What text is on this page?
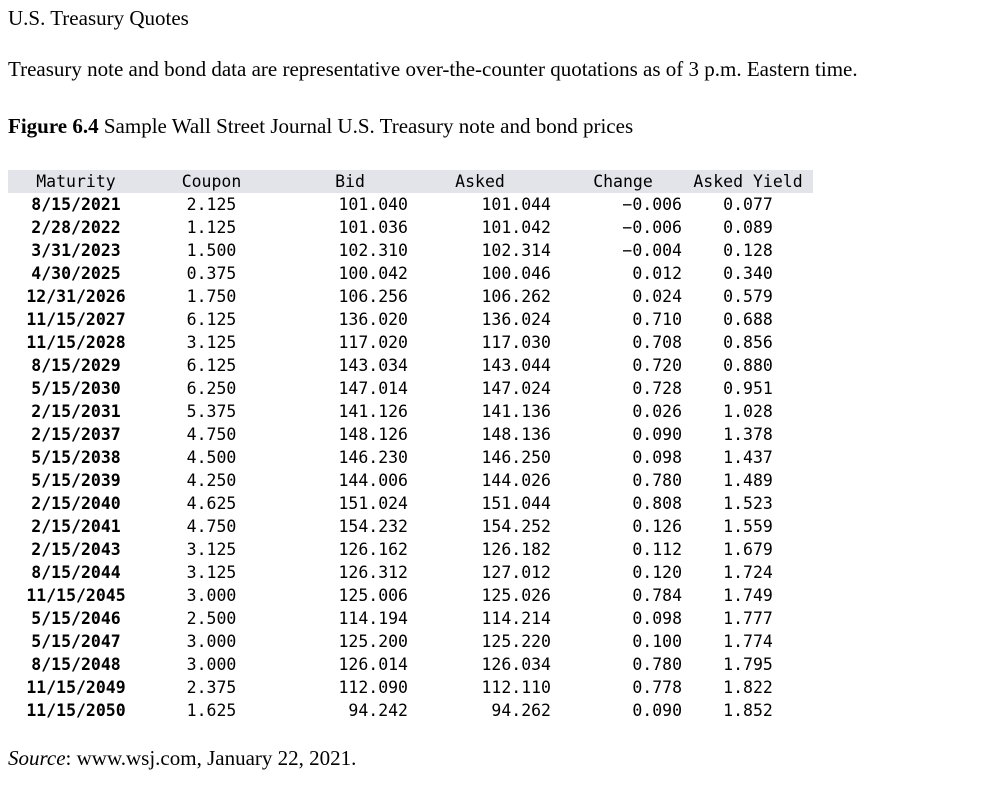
U.S. Treasury Quotes
Treasury note and bond data are representative over-the-counter quotations as of 3 p.m. Eastern time.
Figure 6.4 Sample Wall Street Journal U.S. Treasury note and bond prices
Maturity	Coupon	Bid	Asked	Change	Asked Yield
8/15/2021	2.125	101.040	101.044	−0.006	0.077
2/28/2022	1.125	101.036	101.042	−0.006	0.089
3/31/2023	1.500	102.310	102.314	−0.004	0.128
4/30/2025	0.375	100.042	100.046	0.012	0.340
12/31/2026	1.750	106.256	106.262	0.024	0.579
11/15/2027	6.125	136.020	136.024	0.710	0.688
11/15/2028	3.125	117.020	117.030	0.708	0.856
8/15/2029	6.125	143.034	143.044	0.720	0.880
5/15/2030	6.250	147.014	147.024	0.728	0.951
2/15/2031	5.375	141.126	141.136	0.026	1.028
2/15/2037	4.750	148.126	148.136	0.090	1.378
5/15/2038	4.500	146.230	146.250	0.098	1.437
5/15/2039	4.250	144.006	144.026	0.780	1.489
2/15/2040	4.625	151.024	151.044	0.808	1.523
2/15/2041	4.750	154.232	154.252	0.126	1.559
2/15/2043	3.125	126.162	126.182	0.112	1.679
8/15/2044	3.125	126.312	127.012	0.120	1.724
11/15/2045	3.000	125.006	125.026	0.784	1.749
5/15/2046	2.500	114.194	114.214	0.098	1.777
5/15/2047	3.000	125.200	125.220	0.100	1.774
8/15/2048	3.000	126.014	126.034	0.780	1.795
11/15/2049	2.375	112.090	112.110	0.778	1.822
11/15/2050	1.625	94.242	94.262	0.090	1.852
Source: www.wsj.com, January 22, 2021.
